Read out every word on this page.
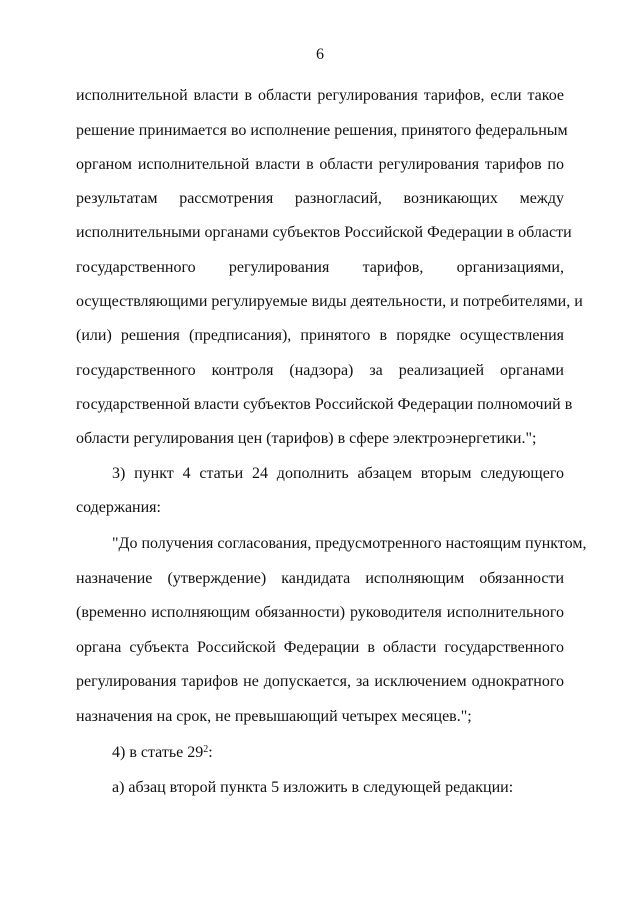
6
исполнительной власти в области регулирования тарифов, если такое
решение принимается во исполнение решения, принятого федеральным
органом исполнительной власти в области регулирования тарифов по
результатам рассмотрения разногласий, возникающих между
исполнительными органами субъектов Российской Федерации в области
государственного регулирования тарифов, организациями,
осуществляющими регулируемые виды деятельности, и потребителями, и
(или) решения (предписания), принятого в порядке осуществления
государственного контроля (надзора) за реализацией органами
государственной власти субъектов Российской Федерации полномочий в
области регулирования цен (тарифов) в сфере электроэнергетики.";
3) пункт 4 статьи 24 дополнить абзацем вторым следующего
содержания:
"До получения согласования, предусмотренного настоящим пунктом,
назначение (утверждение) кандидата исполняющим обязанности
(временно исполняющим обязанности) руководителя исполнительного
органа субъекта Российской Федерации в области государственного
регулирования тарифов не допускается, за исключением однократного
назначения на срок, не превышающий четырех месяцев.";
4) в статье $29^2$:
а) абзац второй пункта 5 изложить в следующей редакции:
